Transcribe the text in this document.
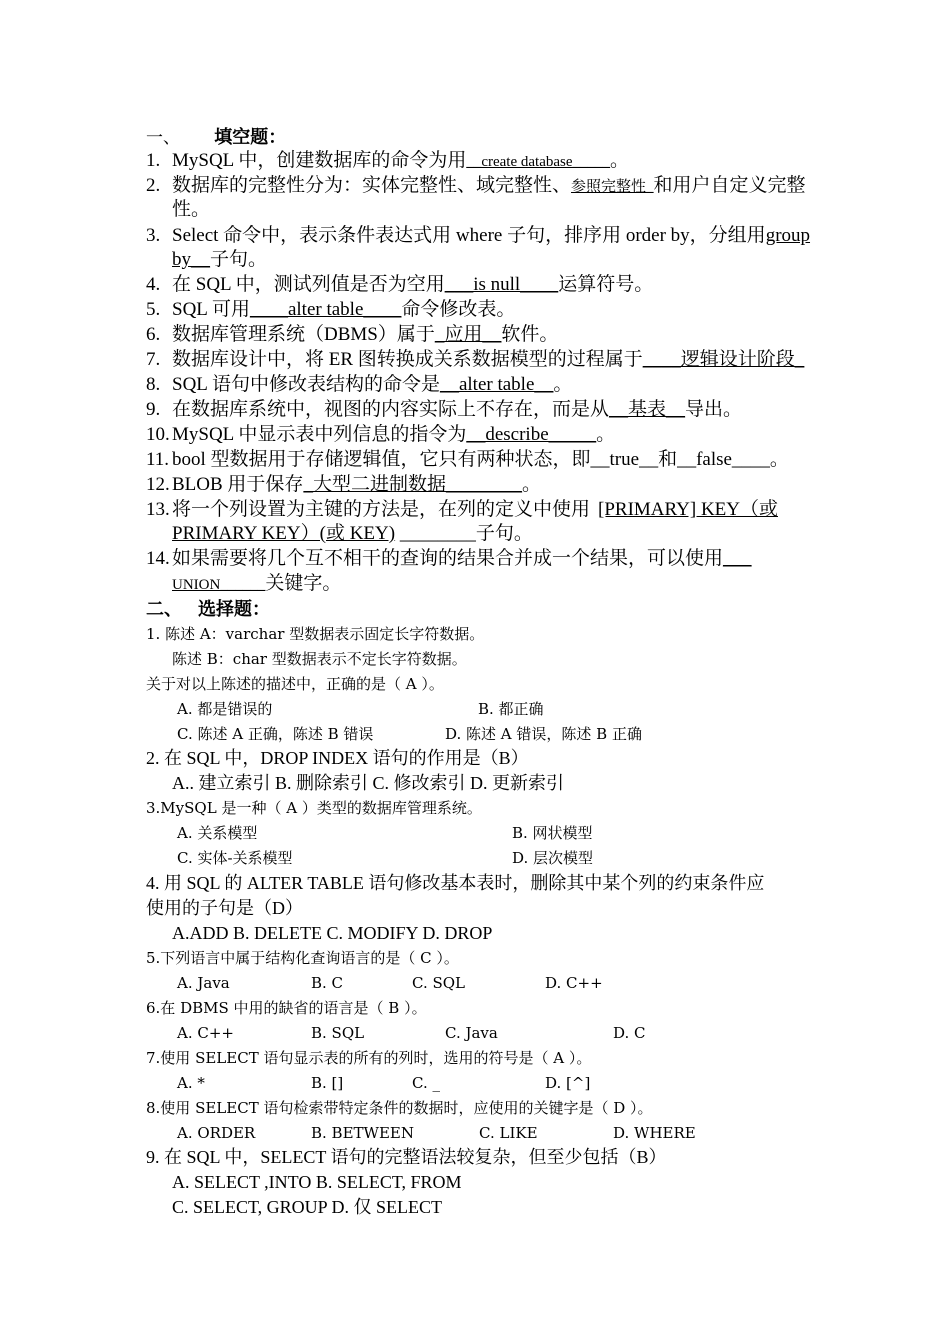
一、 填空题：
1. MySQL 中，创建数据库的命令为用__create database_____。
2. 数据库的完整性分为：实体完整性、域完整性、参照完整性_和用户自定义完整
性。
3. Select 命令中，表示条件表达式用 where 子句，排序用 order by，分组用group
by__子句。
4. 在 SQL 中，测试列值是否为空用___is null____运算符号。
5. SQL 可用____alter table____命令修改表。
6. 数据库管理系统（DBMS）属于_应用__软件。
7. 数据库设计中，将 ER 图转换成关系数据模型的过程属于____逻辑设计阶段_
8. SQL 语句中修改表结构的命令是__alter table__。
9. 在数据库系统中，视图的内容实际上不存在，而是从__基表__导出。
10. MySQL 中显示表中列信息的指令为__describe_____。
11. bool 型数据用于存储逻辑值，它只有两种状态，即__true__和__false____。
12. BLOB 用于保存_大型二进制数据________。
13. 将一个列设置为主键的方法是，在列的定义中使用 [PRIMARY] KEY（或
PRIMARY KEY）(或 KEY) ________子句。
14. 如果需要将几个互不相干的查询的结果合并成一个结果，可以使用___
UNION______关键字。
二、 选择题：
1. 陈述 A：varchar 型数据表示固定长字符数据。
陈述 B：char 型数据表示不定长字符数据。
关于对以上陈述的描述中，正确的是（ A ）。
A. 都是错误的	B. 都正确
C. 陈述 A 正确，陈述 B 错误	D. 陈述 A 错误，陈述 B 正确
2. 在 SQL 中，DROP INDEX 语句的作用是（B）
A.. 建立索引 B. 删除索引 C. 修改索引 D. 更新索引
3.MySQL 是一种（ A ）类型的数据库管理系统。
A. 关系模型	B. 网状模型
C. 实体-关系模型	D. 层次模型
4. 用 SQL 的 ALTER TABLE 语句修改基本表时，删除其中某个列的约束条件应
使用的子句是（D）
A.ADD B. DELETE C. MODIFY D. DROP
5.下列语言中属于结构化查询语言的是（ C ）。
A. Java	B. C	C. SQL	D. C++
6.在 DBMS 中用的缺省的语言是（ B ）。
A. C++	B. SQL	C. Java	D. C
7.使用 SELECT 语句显示表的所有的列时，选用的符号是（ A ）。
A. *	B. []	C. _	D. [^]
8.使用 SELECT 语句检索带特定条件的数据时，应使用的关键字是（ D ）。
A. ORDER	B. BETWEEN	C. LIKE	D. WHERE
9. 在 SQL 中，SELECT 语句的完整语法较复杂，但至少包括（B）
A. SELECT ,INTO B. SELECT, FROM
C. SELECT, GROUP D. 仅 SELECT
